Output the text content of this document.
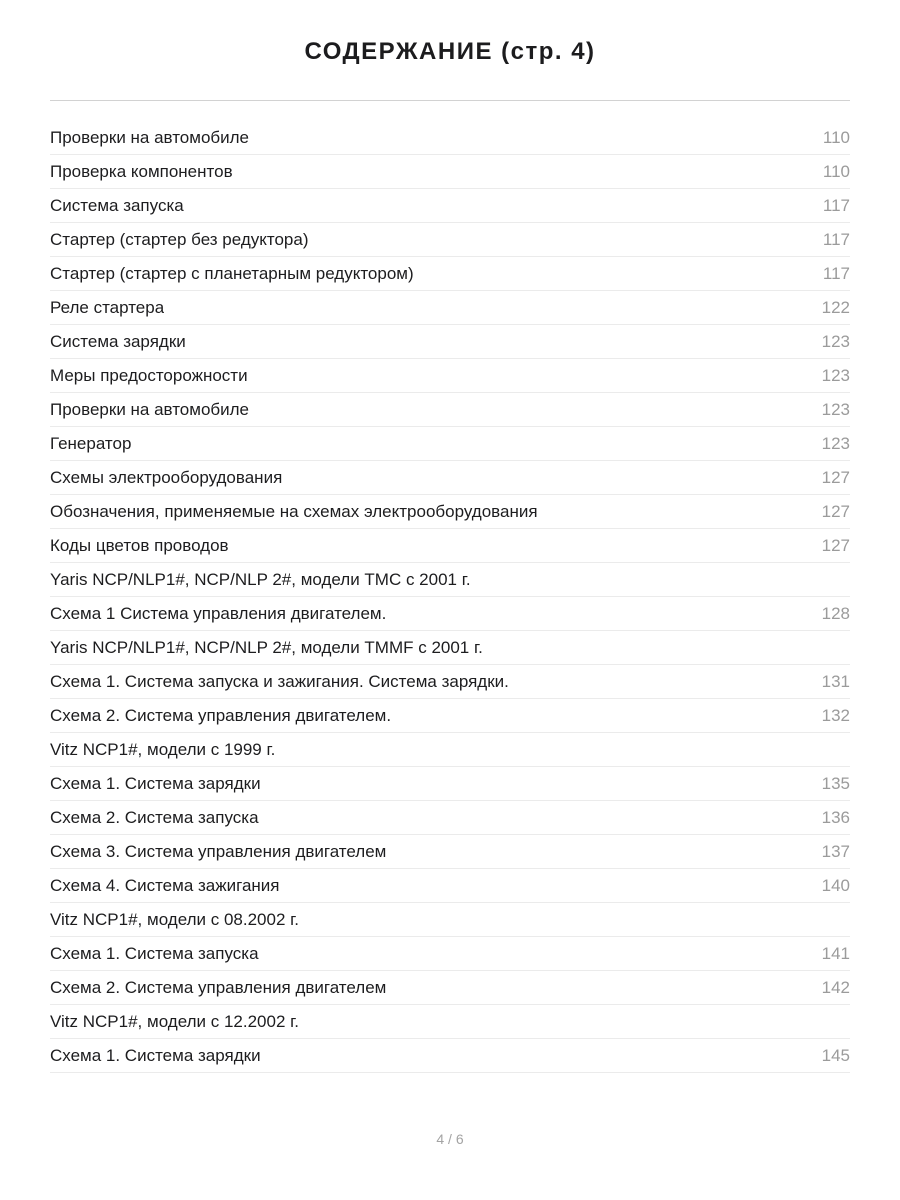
СОДЕРЖАНИЕ (стр. 4)
Проверки на автомобиле	110
Проверка компонентов	110
Система запуска	117
Стартер (стартер без редуктора)	117
Стартер (стартер с планетарным редуктором)	117
Реле стартера	122
Система зарядки	123
Меры предосторожности	123
Проверки на автомобиле	123
Генератор	123
Схемы электрооборудования	127
Обозначения, применяемые на схемах электрооборудования	127
Коды цветов проводов	127
Yaris NCP/NLP1#, NCP/NLP 2#, модели TMC с 2001 г.
Схема 1 Система управления двигателем.	128
Yaris NCP/NLP1#, NCP/NLP 2#, модели TMMF с 2001 г.
Схема 1. Система запуска и зажигания. Система зарядки.	131
Схема 2. Система управления двигателем.	132
Vitz NCP1#, модели с 1999 г.
Схема 1. Система зарядки	135
Схема 2. Система запуска	136
Схема 3. Система управления двигателем	137
Схема 4. Система зажигания	140
Vitz NCP1#, модели с 08.2002 г.
Схема 1. Система запуска	141
Схема 2. Система управления двигателем	142
Vitz NCP1#, модели с 12.2002 г.
Схема 1. Система зарядки	145
4 / 6
